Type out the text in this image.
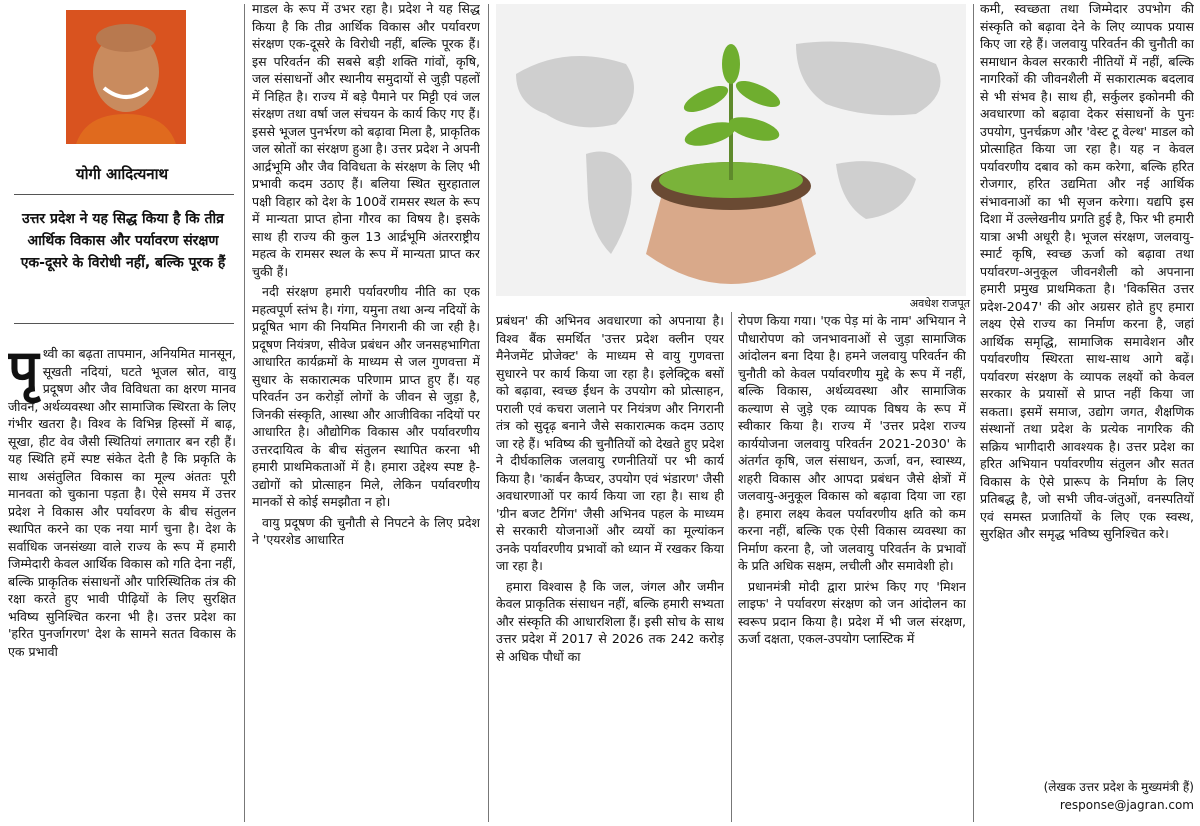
योगी आदित्यनाथ
उत्तर प्रदेश ने यह सिद्ध किया है कि तीव्र आर्थिक विकास और पर्यावरण संरक्षण एक-दूसरे के विरोधी नहीं, बल्कि पूरक हैं

पृथ्वी का बढ़ता तापमान, अनियमित मानसून, सूखती नदियां, घटते भूजल स्रोत, वायु प्रदूषण और जैव विविधता का क्षरण मानव जीवन, अर्थव्यवस्था और सामाजिक स्थिरता के लिए गंभीर खतरा है। विश्व के विभिन्न हिस्सों में बाढ़, सूखा, हीट वेव जैसी स्थितियां लगातार बन रही हैं। यह स्थिति हमें स्पष्ट संकेत देती है कि प्रकृति के साथ असंतुलित विकास का मूल्य अंततः पूरी मानवता को चुकाना पड़ता है। ऐसे समय में उत्तर प्रदेश ने विकास और पर्यावरण के बीच संतुलन स्थापित करने का एक नया मार्ग चुना है। देश के सर्वाधिक जनसंख्या वाले राज्य के रूप में हमारी जिम्मेदारी केवल आर्थिक विकास को गति देना नहीं, बल्कि प्राकृतिक संसाधनों और पारिस्थितिक तंत्र की रक्षा करते हुए भावी पीढ़ियों के लिए सुरक्षित भविष्य सुनिश्चित करना भी है। उत्तर प्रदेश का 'हरित पुनर्जागरण' देश के सामने सतत विकास के एक प्रभावी

माडल के रूप में उभर रहा है। प्रदेश ने यह सिद्ध किया है कि तीव्र आर्थिक विकास और पर्यावरण संरक्षण एक-दूसरे के विरोधी नहीं, बल्कि पूरक हैं। इस परिवर्तन की सबसे बड़ी शक्ति गांवों, कृषि, जल संसाधनों और स्थानीय समुदायों से जुड़ी पहलों में निहित है। राज्य में बड़े पैमाने पर मिट्टी एवं जल संरक्षण तथा वर्षा जल संचयन के कार्य किए गए हैं। इससे भूजल पुनर्भरण को बढ़ावा मिला है, प्राकृतिक जल स्रोतों का संरक्षण हुआ है। उत्तर प्रदेश ने अपनी आर्द्रभूमि और जैव विविधता के संरक्षण के लिए भी प्रभावी कदम उठाए हैं। बलिया स्थित सुरहाताल पक्षी विहार को देश के 100वें रामसर स्थल के रूप में मान्यता प्राप्त होना गौरव का विषय है। इसके साथ ही राज्य की कुल 13 आर्द्रभूमि अंतरराष्ट्रीय महत्व के रामसर स्थल के रूप में मान्यता प्राप्त कर चुकी हैं।

नदी संरक्षण हमारी पर्यावरणीय नीति का एक महत्वपूर्ण स्तंभ है। गंगा, यमुना तथा अन्य नदियों के प्रदूषित भाग की नियमित निगरानी की जा रही है। प्रदूषण नियंत्रण, सीवेज प्रबंधन और जनसहभागिता आधारित कार्यक्रमों के माध्यम से जल गुणवत्ता में सुधार के सकारात्मक परिणाम प्राप्त हुए हैं। यह परिवर्तन उन करोड़ों लोगों के जीवन से जुड़ा है, जिनकी संस्कृति, आस्था और आजीविका नदियों पर आधारित है। औद्योगिक विकास और पर्यावरणीय उत्तरदायित्व के बीच संतुलन स्थापित करना भी हमारी प्राथमिकताओं में है। हमारा उद्देश्य स्पष्ट है-उद्योगों को प्रोत्साहन मिले, लेकिन पर्यावरणीय मानकों से कोई समझौता न हो।

वायु प्रदूषण की चुनौती से निपटने के लिए प्रदेश ने 'एयरशेड आधारित

अवधेश राजपूत

प्रबंधन' की अभिनव अवधारणा को अपनाया है। विश्व बैंक समर्थित 'उत्तर प्रदेश क्लीन एयर मैनेजमेंट प्रोजेक्ट' के माध्यम से वायु गुणवत्ता सुधारने पर कार्य किया जा रहा है। इलेक्ट्रिक बसों को बढ़ावा, स्वच्छ ईंधन के उपयोग को प्रोत्साहन, पराली एवं कचरा जलाने पर नियंत्रण और निगरानी तंत्र को सुदृढ़ बनाने जैसे सकारात्मक कदम उठाए जा रहे हैं। भविष्य की चुनौतियों को देखते हुए प्रदेश ने दीर्घकालिक जलवायु रणनीतियों पर भी कार्य किया है। 'कार्बन कैप्चर, उपयोग एवं भंडारण' जैसी अवधारणाओं पर कार्य किया जा रहा है। साथ ही 'ग्रीन बजट टैगिंग' जैसी अभिनव पहल के माध्यम से सरकारी योजनाओं और व्ययों का मूल्यांकन उनके पर्यावरणीय प्रभावों को ध्यान में रखकर किया जा रहा है।

हमारा विश्वास है कि जल, जंगल और जमीन केवल प्राकृतिक संसाधन नहीं, बल्कि हमारी सभ्यता और संस्कृति की आधारशिला हैं। इसी सोच के साथ उत्तर प्रदेश में 2017 से 2026 तक 242 करोड़ से अधिक पौधों का

रोपण किया गया। 'एक पेड़ मां के नाम' अभियान ने पौधारोपण को जनभावनाओं से जुड़ा सामाजिक आंदोलन बना दिया है। हमने जलवायु परिवर्तन की चुनौती को केवल पर्यावरणीय मुद्दे के रूप में नहीं, बल्कि विकास, अर्थव्यवस्था और सामाजिक कल्याण से जुड़े एक व्यापक विषय के रूप में स्वीकार किया है। राज्य में 'उत्तर प्रदेश राज्य कार्ययोजना जलवायु परिवर्तन 2021-2030' के अंतर्गत कृषि, जल संसाधन, ऊर्जा, वन, स्वास्थ्य, शहरी विकास और आपदा प्रबंधन जैसे क्षेत्रों में जलवायु-अनुकूल विकास को बढ़ावा दिया जा रहा है। हमारा लक्ष्य केवल पर्यावरणीय क्षति को कम करना नहीं, बल्कि एक ऐसी विकास व्यवस्था का निर्माण करना है, जो जलवायु परिवर्तन के प्रभावों के प्रति अधिक सक्षम, लचीली और समावेशी हो।

प्रधानमंत्री मोदी द्वारा प्रारंभ किए गए 'मिशन लाइफ' ने पर्यावरण संरक्षण को जन आंदोलन का स्वरूप प्रदान किया है। प्रदेश में भी जल संरक्षण, ऊर्जा दक्षता, एकल-उपयोग प्लास्टिक में

कमी, स्वच्छता तथा जिम्मेदार उपभोग की संस्कृति को बढ़ावा देने के लिए व्यापक प्रयास किए जा रहे हैं। जलवायु परिवर्तन की चुनौती का समाधान केवल सरकारी नीतियों में नहीं, बल्कि नागरिकों की जीवनशैली में सकारात्मक बदलाव से भी संभव है। साथ ही, सर्कुलर इकोनमी की अवधारणा को बढ़ावा देकर संसाधनों के पुनः उपयोग, पुनर्चक्रण और 'वेस्ट टू वेल्थ' माडल को प्रोत्साहित किया जा रहा है। यह न केवल पर्यावरणीय दबाव को कम करेगा, बल्कि हरित रोजगार, हरित उद्यमिता और नई आर्थिक संभावनाओं का भी सृजन करेगा। यद्यपि इस दिशा में उल्लेखनीय प्रगति हुई है, फिर भी हमारी यात्रा अभी अधूरी है। भूजल संरक्षण, जलवायु-स्मार्ट कृषि, स्वच्छ ऊर्जा को बढ़ावा तथा पर्यावरण-अनुकूल जीवनशैली को अपनाना हमारी प्रमुख प्राथमिकता है। 'विकसित उत्तर प्रदेश-2047' की ओर अग्रसर होते हुए हमारा लक्ष्य ऐसे राज्य का निर्माण करना है, जहां आर्थिक समृद्धि, सामाजिक समावेशन और पर्यावरणीय स्थिरता साथ-साथ आगे बढ़ें। पर्यावरण संरक्षण के व्यापक लक्ष्यों को केवल सरकार के प्रयासों से प्राप्त नहीं किया जा सकता। इसमें समाज, उद्योग जगत, शैक्षणिक संस्थानों तथा प्रदेश के प्रत्येक नागरिक की सक्रिय भागीदारी आवश्यक है। उत्तर प्रदेश का हरित अभियान पर्यावरणीय संतुलन और सतत विकास के ऐसे प्रारूप के निर्माण के लिए प्रतिबद्ध है, जो सभी जीव-जंतुओं, वनस्पतियों एवं समस्त प्रजातियों के लिए एक स्वस्थ, सुरक्षित और समृद्ध भविष्य सुनिश्चित करे।

(लेखक उत्तर प्रदेश के मुख्यमंत्री हैं)
response@jagran.com
